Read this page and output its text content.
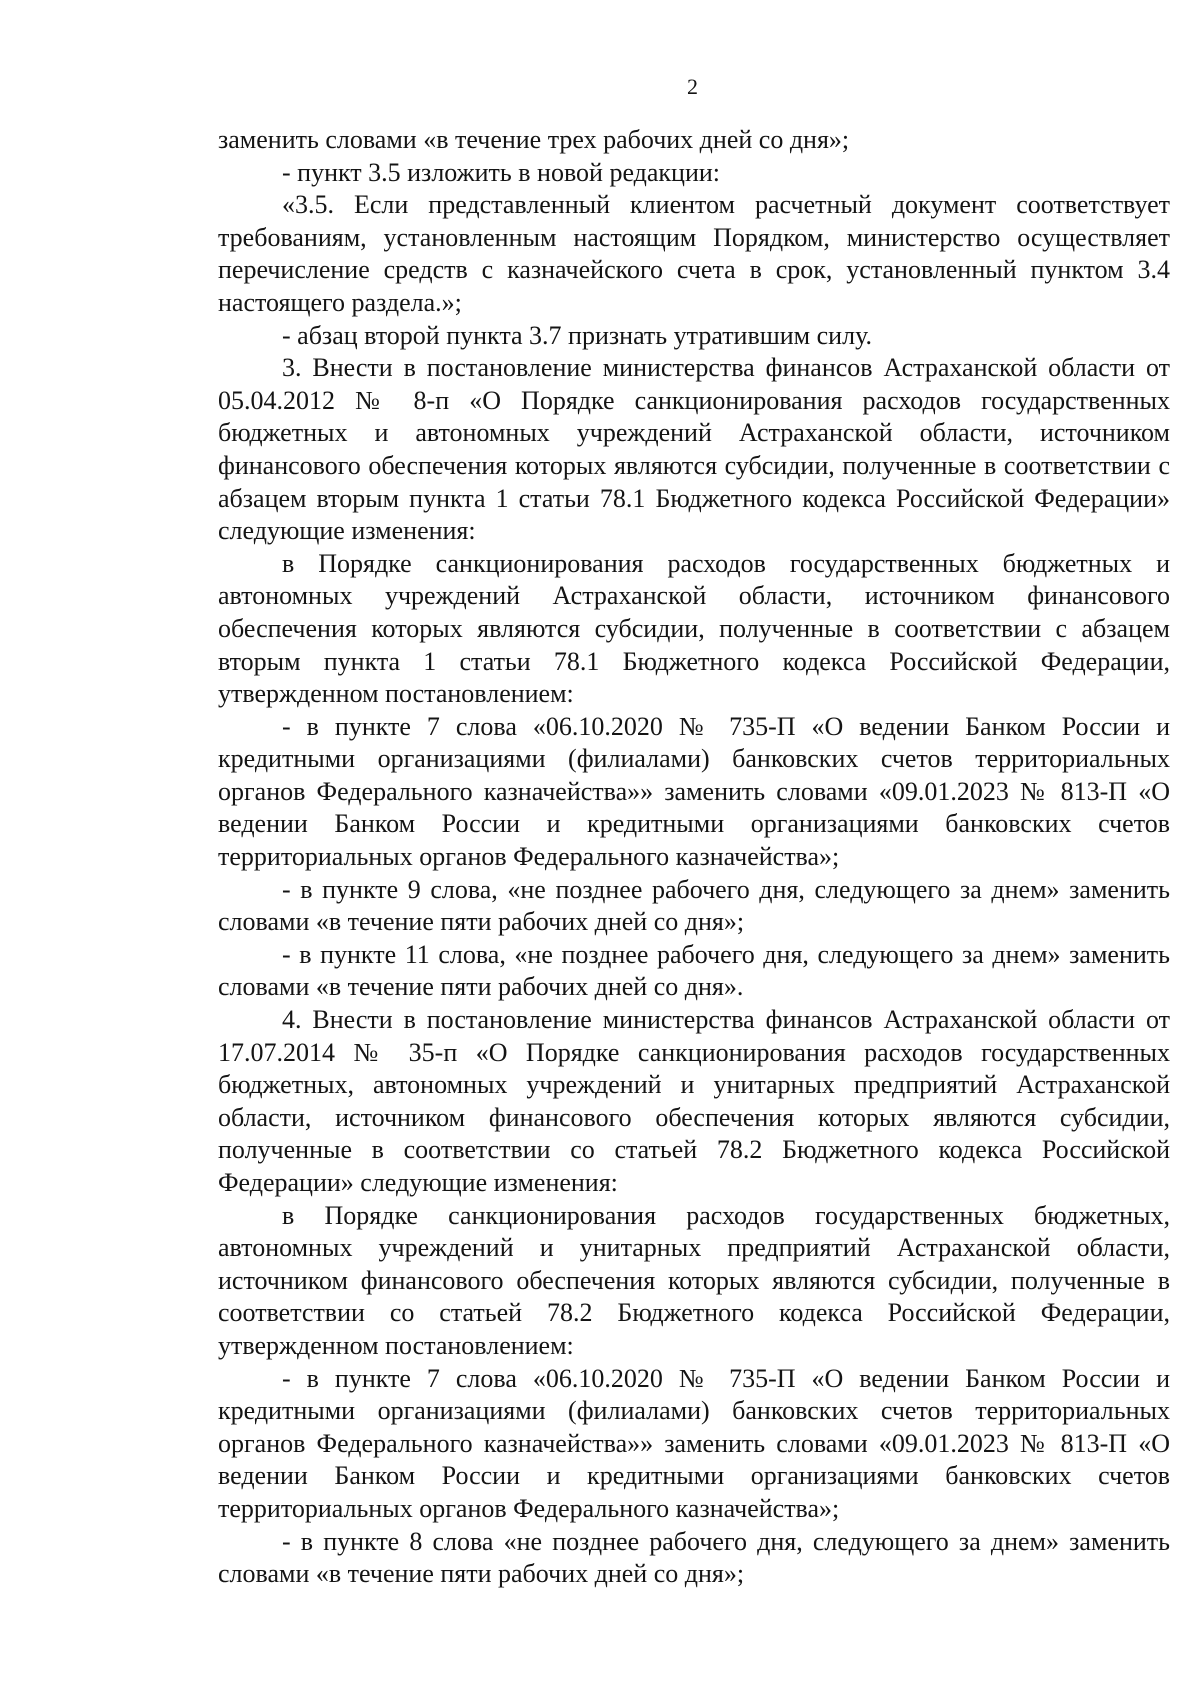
2

заменить словами «в течение трех рабочих дней со дня»;

- пункт 3.5 изложить в новой редакции:

«3.5. Если представленный клиентом расчетный документ соответствует требованиям, установленным настоящим Порядком, министерство осуществляет перечисление средств с казначейского счета в срок, установленный пунктом 3.4 настоящего раздела.»;

- абзац второй пункта 3.7 признать утратившим силу.

3. Внести в постановление министерства финансов Астраханской области от 05.04.2012 № 8-п «О Порядке санкционирования расходов государственных бюджетных и автономных учреждений Астраханской области, источником финансового обеспечения которых являются субсидии, полученные в соответствии с абзацем вторым пункта 1 статьи 78.1 Бюджетного кодекса Российской Федерации» следующие изменения:

в Порядке санкционирования расходов государственных бюджетных и автономных учреждений Астраханской области, источником финансового обеспечения которых являются субсидии, полученные в соответствии с абзацем вторым пункта 1 статьи 78.1 Бюджетного кодекса Российской Федерации, утвержденном постановлением:

- в пункте 7 слова «06.10.2020 № 735-П «О ведении Банком России и кредитными организациями (филиалами) банковских счетов территориальных органов Федерального казначейства»» заменить словами «09.01.2023 № 813-П «О ведении Банком России и кредитными организациями банковских счетов территориальных органов Федерального казначейства»;

- в пункте 9 слова, «не позднее рабочего дня, следующего за днем» заменить словами «в течение пяти рабочих дней со дня»;

- в пункте 11 слова, «не позднее рабочего дня, следующего за днем» заменить словами «в течение пяти рабочих дней со дня».

4. Внести в постановление министерства финансов Астраханской области от 17.07.2014 № 35-п «О Порядке санкционирования расходов государственных бюджетных, автономных учреждений и унитарных предприятий Астраханской области, источником финансового обеспечения которых являются субсидии, полученные в соответствии со статьей 78.2 Бюджетного кодекса Российской Федерации» следующие изменения:

в Порядке санкционирования расходов государственных бюджетных, автономных учреждений и унитарных предприятий Астраханской области, источником финансового обеспечения которых являются субсидии, полученные в соответствии со статьей 78.2 Бюджетного кодекса Российской Федерации, утвержденном постановлением:

- в пункте 7 слова «06.10.2020 № 735-П «О ведении Банком России и кредитными организациями (филиалами) банковских счетов территориальных органов Федерального казначейства»» заменить словами «09.01.2023 № 813-П «О ведении Банком России и кредитными организациями банковских счетов территориальных органов Федерального казначейства»;

- в пункте 8 слова «не позднее рабочего дня, следующего за днем» заменить словами «в течение пяти рабочих дней со дня»;
